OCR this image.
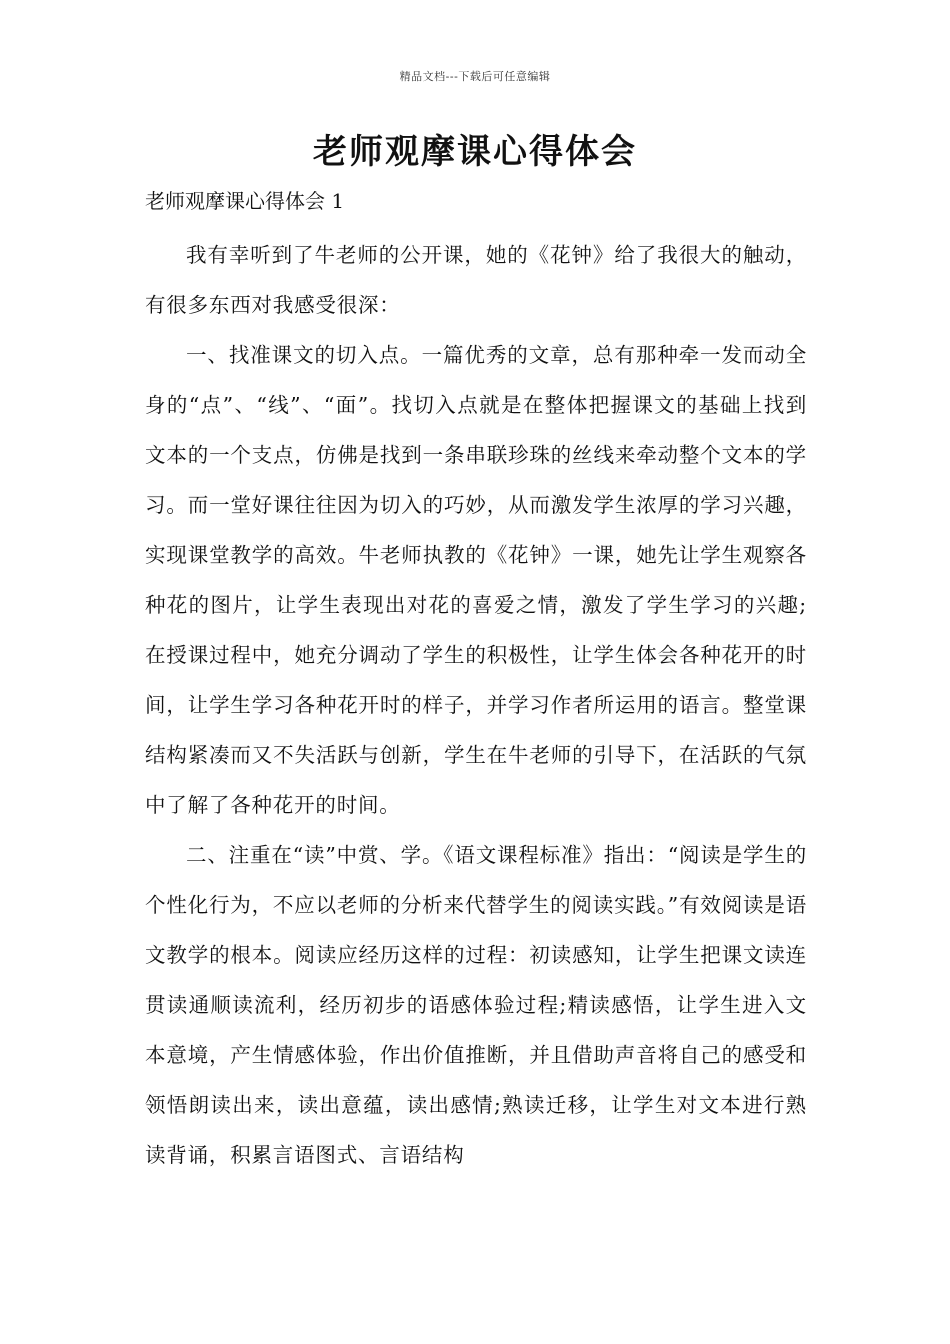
精品文档---下载后可任意编辑
老师观摩课心得体会
老师观摩课心得体会 1

我有幸听到了牛老师的公开课，她的《花钟》给了我很大的触动，有很多东西对我感受很深：

一、找准课文的切入点。一篇优秀的文章，总有那种牵一发而动全身的“点”、“线”、“面”。找切入点就是在整体把握课文的基础上找到文本的一个支点，仿佛是找到一条串联珍珠的丝线来牵动整个文本的学习。而一堂好课往往因为切入的巧妙，从而激发学生浓厚的学习兴趣，实现课堂教学的高效。牛老师执教的《花钟》一课，她先让学生观察各种花的图片，让学生表现出对花的喜爱之情，激发了学生学习的兴趣;在授课过程中，她充分调动了学生的积极性，让学生体会各种花开的时间，让学生学习各种花开时的样子，并学习作者所运用的语言。整堂课结构紧凑而又不失活跃与创新，学生在牛老师的引导下，在活跃的气氛中了解了各种花开的时间。

二、注重在“读”中赏、学。《语文课程标准》指出：“阅读是学生的个性化行为，不应以老师的分析来代替学生的阅读实践。”有效阅读是语文教学的根本。阅读应经历这样的过程：初读感知，让学生把课文读连贯读通顺读流利，经历初步的语感体验过程;精读感悟，让学生进入文本意境，产生情感体验，作出价值推断，并且借助声音将自己的感受和领悟朗读出来，读出意蕴，读出感情;熟读迁移，让学生对文本进行熟读背诵，积累言语图式、言语结构
